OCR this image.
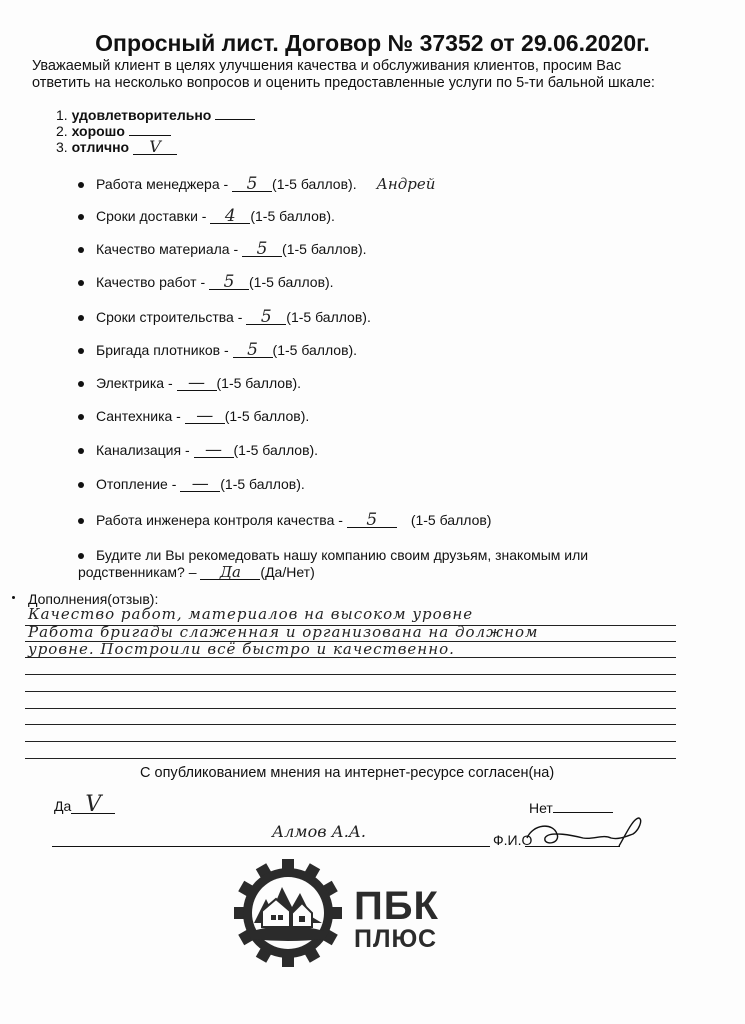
Опросный лист. Договор № 37352 от 29.06.2020г.
Уважаемый клиент в целях улучшения качества и обслуживания клиентов, просим Вас
ответить на несколько вопросов и оценить предоставленные услуги по 5-ти бальной шкале:
1. удовлетворительно
2. хорошо
3. отлично V
Работа менеджера - 5 (1-5 баллов). Андрей
Сроки доставки - 4 (1-5 баллов).
Качество материала - 5 (1-5 баллов).
Качество работ - 5 (1-5 баллов).
Сроки строительства - 5 (1-5 баллов).
Бригада плотников - 5 (1-5 баллов).
Электрика - — (1-5 баллов).
Сантехника - — (1-5 баллов).
Канализация - — (1-5 баллов).
Отопление - — (1-5 баллов).
Работа инженера контроля качества - 5 (1-5 баллов)
Будите ли Вы рекомедовать нашу компанию своим друзьям, знакомым или
родственникам? – Да (Да/Нет)
Дополнения(отзыв):
Качество работ, материалов на высоком уровне
Работа бригады слаженная и организована на должном
уровне. Построили всё быстро и качественно.
С опубликованием мнения на интернет-ресурсе согласен(на)
Да V	Нет
Алмов А.А.	Ф.И.О
ПБК
ПЛЮС
